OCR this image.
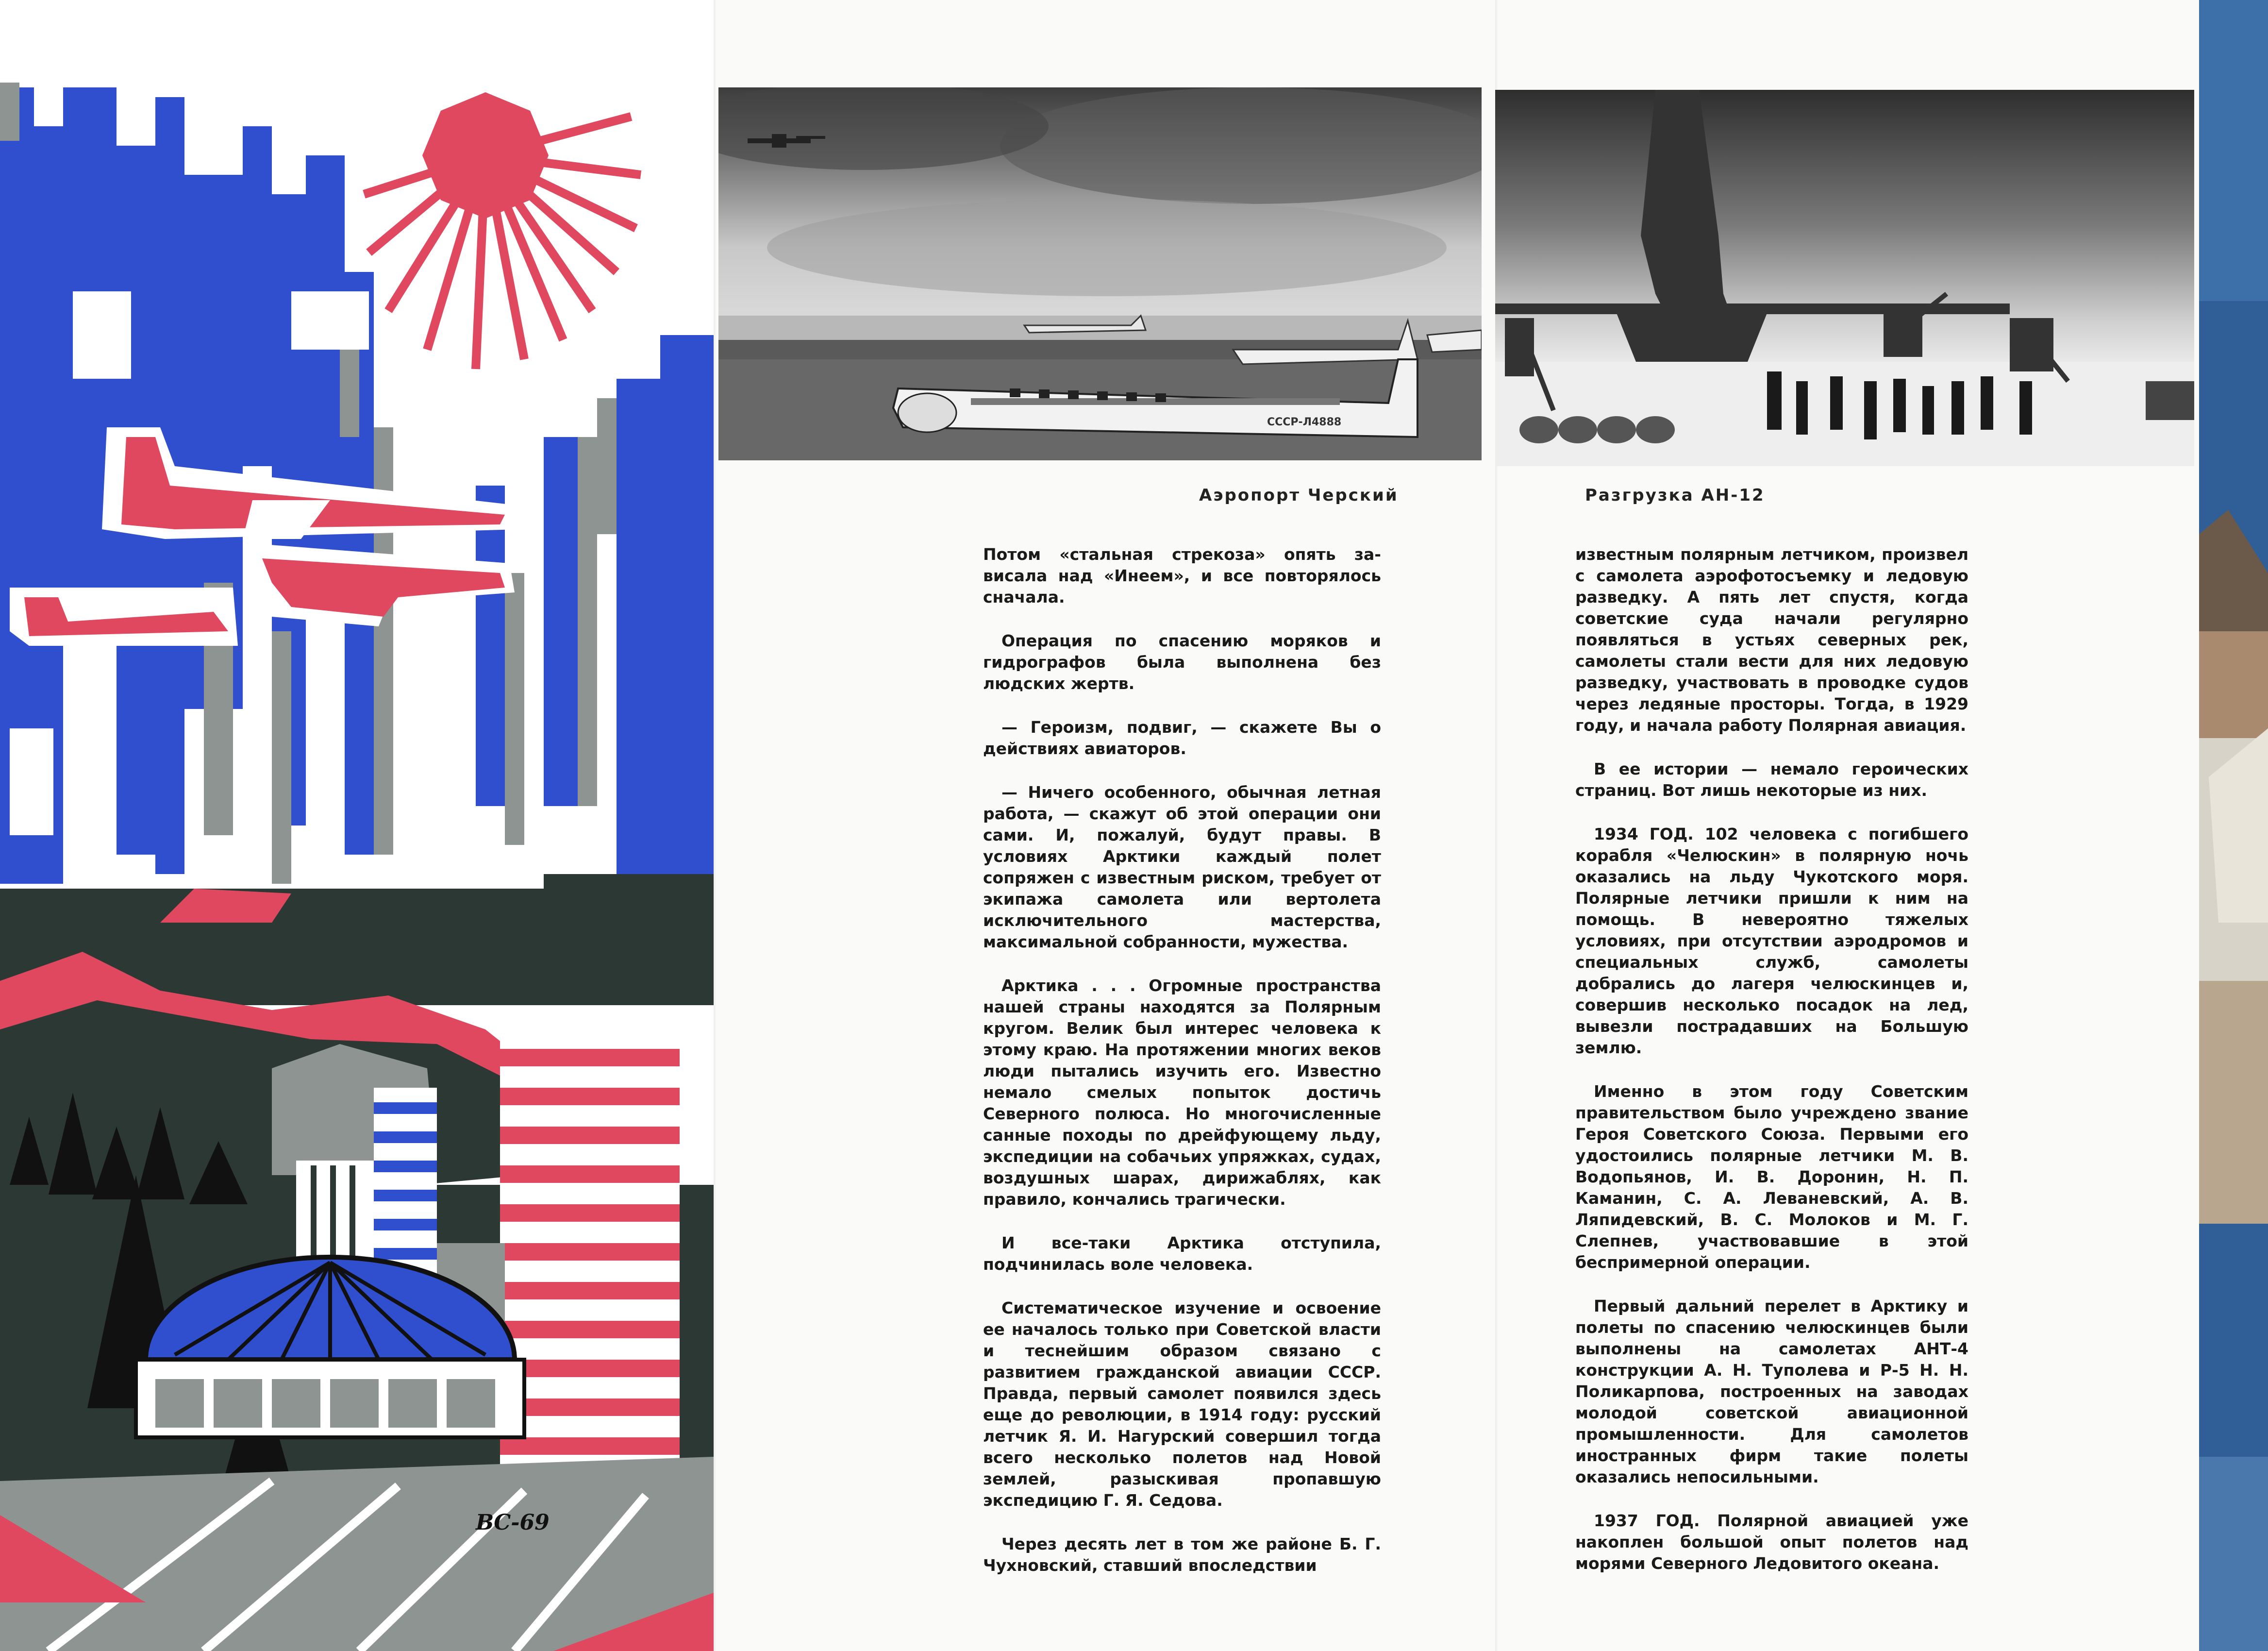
ВС-69
СССР-Л4888
Аэропорт Черский

Потом «стальная стрекоза» опять за-висала над «Инеем», и все повторялось сначала.

Операция по спасению моряков и гидрографов была выполнена без людских жертв.

— Героизм, подвиг, — скажете Вы о действиях авиаторов.

— Ничего особенного, обычная летная работа, — скажут об этой операции они сами. И, пожалуй, будут правы. В условиях Арктики каждый полет сопряжен с известным риском, требует от экипажа самолета или вертолета исключительного мастерства, максимальной собранности, мужества.

Арктика . . . Огромные пространства нашей страны находятся за Полярным кругом. Велик был интерес человека к этому краю. На протяжении многих веков люди пытались изучить его. Известно немало смелых попыток достичь Северного полюса. Но многочисленные санные походы по дрейфующему льду, экспедиции на собачьих упряжках, судах, воздушных шарах, дирижаблях, как правило, кончались трагически.

И все-таки Арктика отступила, подчинилась воле человека.

Систематическое изучение и освоение ее началось только при Советской власти и теснейшим образом связано с развитием гражданской авиации СССР. Правда, первый самолет появился здесь еще до революции, в 1914 году: русский летчик Я. И. Нагурский совершил тогда всего несколько полетов над Новой землей, разыскивая пропавшую экспедицию Г. Я. Седова.

Через десять лет в том же районе Б. Г. Чухновский, ставший впоследствии

Разгрузка АН-12

известным полярным летчиком, произвел с самолета аэрофотосъемку и ледовую разведку. А пять лет спустя, когда советские суда начали регулярно появляться в устьях северных рек, самолеты стали вести для них ледовую разведку, участвовать в проводке судов через ледяные просторы. Тогда, в 1929 году, и начала работу Полярная авиация.

В ее истории — немало героических страниц. Вот лишь некоторые из них.

1934 ГОД. 102 человека с погибшего корабля «Челюскин» в полярную ночь оказались на льду Чукотского моря. Полярные летчики пришли к ним на помощь. В невероятно тяжелых условиях, при отсутствии аэродромов и специальных служб, самолеты добрались до лагеря челюскинцев и, совершив несколько посадок на лед, вывезли пострадавших на Большую землю.

Именно в этом году Советским правительством было учреждено звание Героя Советского Союза. Первыми его удостоились полярные летчики М. В. Водопьянов, И. В. Доронин, Н. П. Каманин, С. А. Леваневский, А. В. Ляпидевский, В. С. Молоков и М. Г. Слепнев, участвовавшие в этой беспримерной операции.

Первый дальний перелет в Арктику и полеты по спасению челюскинцев были выполнены на самолетах АНТ-4 конструкции А. Н. Туполева и Р-5 Н. Н. Поликарпова, построенных на заводах молодой советской авиационной промышленности. Для самолетов иностранных фирм такие полеты оказались непосильными.

1937 ГОД. Полярной авиацией уже накоплен большой опыт полетов над морями Северного Ледовитого океана.
